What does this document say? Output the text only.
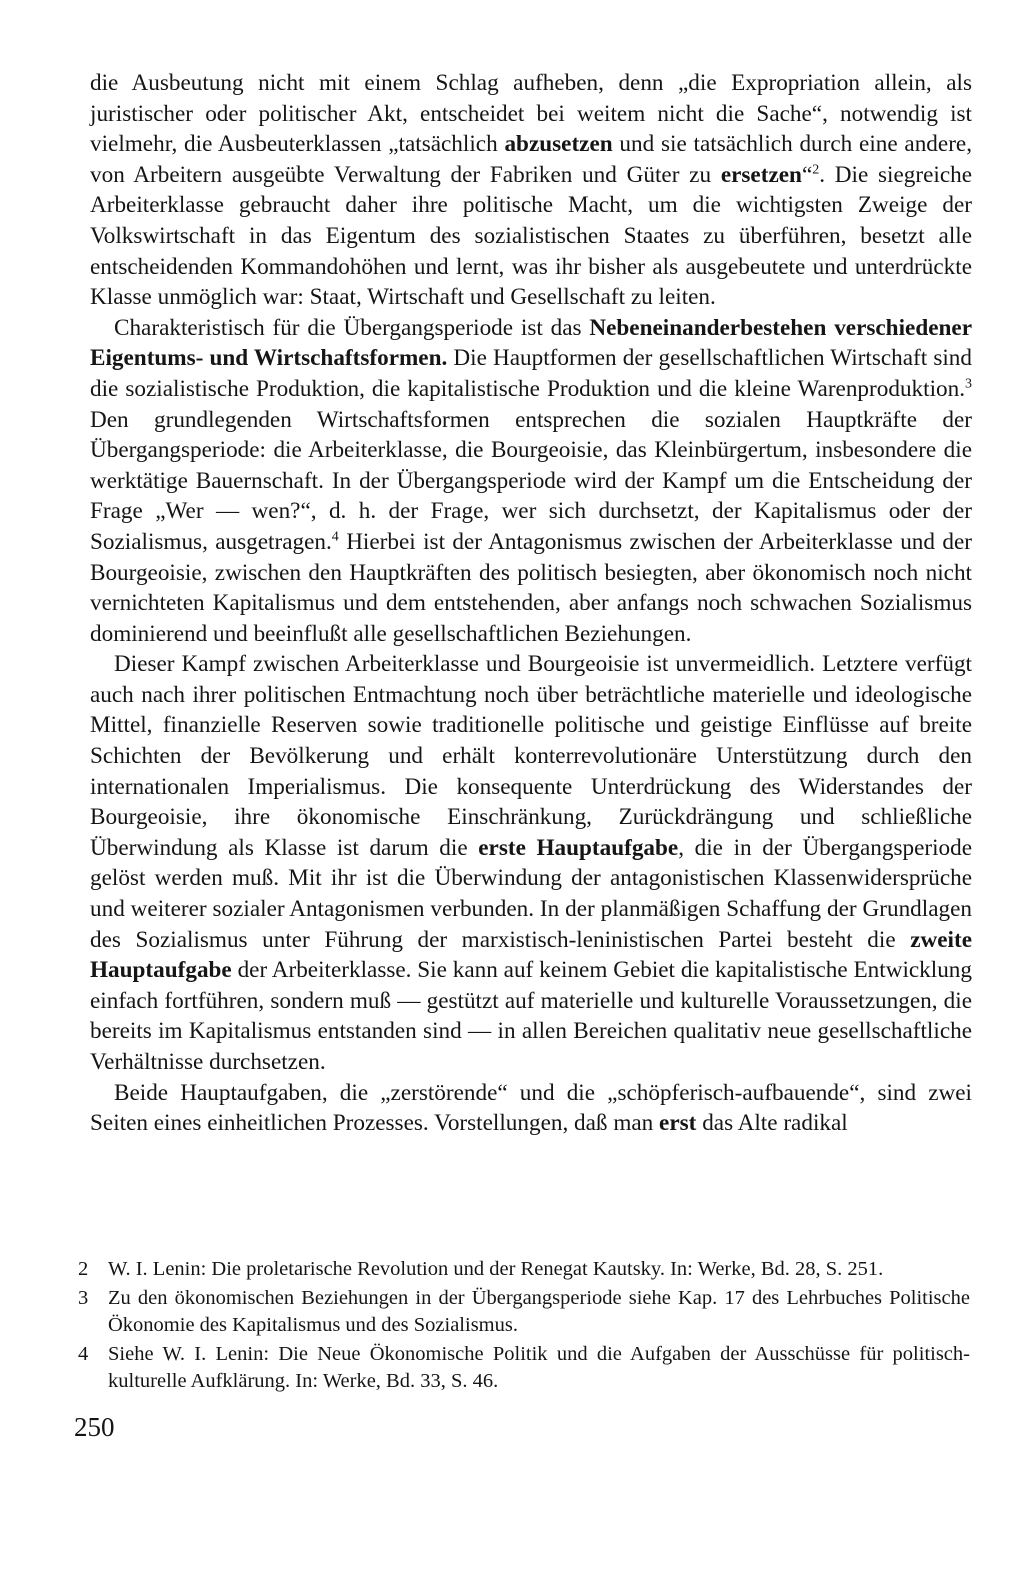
die Ausbeutung nicht mit einem Schlag aufheben, denn „die Expropriation allein, als juristischer oder politischer Akt, entscheidet bei weitem nicht die Sache“, notwendig ist vielmehr, die Ausbeuterklassen „tatsächlich abzusetzen und sie tatsächlich durch eine andere, von Arbeitern ausgeübte Verwaltung der Fabriken und Güter zu ersetzen“$^2$. Die siegreiche Arbeiterklasse gebraucht daher ihre politische Macht, um die wichtigsten Zweige der Volkswirtschaft in das Eigentum des sozialistischen Staates zu überführen, besetzt alle entscheidenden Kommandohöhen und lernt, was ihr bisher als ausgebeutete und unterdrückte Klasse unmöglich war: Staat, Wirtschaft und Gesellschaft zu leiten.

Charakteristisch für die Übergangsperiode ist das Nebeneinanderbestehen verschiedener Eigentums- und Wirtschaftsformen. Die Hauptformen der gesellschaftlichen Wirtschaft sind die sozialistische Produktion, die kapitalistische Produktion und die kleine Warenproduktion.$^3$ Den grundlegenden Wirtschaftsformen entsprechen die sozialen Hauptkräfte der Übergangsperiode: die Arbeiterklasse, die Bourgeoisie, das Kleinbürgertum, insbesondere die werktätige Bauernschaft. In der Übergangsperiode wird der Kampf um die Entscheidung der Frage „Wer — wen?“, d. h. der Frage, wer sich durchsetzt, der Kapitalismus oder der Sozialismus, ausgetragen.$^4$ Hierbei ist der Antagonismus zwischen der Arbeiterklasse und der Bourgeoisie, zwischen den Hauptkräften des politisch besiegten, aber ökonomisch noch nicht vernichteten Kapitalismus und dem entstehenden, aber anfangs noch schwachen Sozialismus dominierend und beeinflußt alle gesellschaftlichen Beziehungen.

Dieser Kampf zwischen Arbeiterklasse und Bourgeoisie ist unvermeidlich. Letztere verfügt auch nach ihrer politischen Entmachtung noch über beträchtliche materielle und ideologische Mittel, finanzielle Reserven sowie traditionelle politische und geistige Einflüsse auf breite Schichten der Bevölkerung und erhält konterrevolutionäre Unterstützung durch den internationalen Imperialismus. Die konsequente Unterdrückung des Widerstandes der Bourgeoisie, ihre ökonomische Einschränkung, Zurückdrängung und schließliche Überwindung als Klasse ist darum die erste Hauptaufgabe, die in der Übergangsperiode gelöst werden muß. Mit ihr ist die Überwindung der antagonistischen Klassenwidersprüche und weiterer sozialer Antagonismen verbunden. In der planmäßigen Schaffung der Grundlagen des Sozialismus unter Führung der marxistisch-leninistischen Partei besteht die zweite Hauptaufgabe der Arbeiterklasse. Sie kann auf keinem Gebiet die kapitalistische Entwicklung einfach fortführen, sondern muß — gestützt auf materielle und kulturelle Voraussetzungen, die bereits im Kapitalismus entstanden sind — in allen Bereichen qualitativ neue gesellschaftliche Verhältnisse durchsetzen.

Beide Hauptaufgaben, die „zerstörende“ und die „schöpferisch-aufbauende“, sind zwei Seiten eines einheitlichen Prozesses. Vorstellungen, daß man erst das Alte radikal

2 W. I. Lenin: Die proletarische Revolution und der Renegat Kautsky. In: Werke, Bd. 28, S. 251.

3 Zu den ökonomischen Beziehungen in der Übergangsperiode siehe Kap. 17 des Lehrbuches Politische Ökonomie des Kapitalismus und des Sozialismus.

4 Siehe W. I. Lenin: Die Neue Ökonomische Politik und die Aufgaben der Ausschüsse für politisch-kulturelle Aufklärung. In: Werke, Bd. 33, S. 46.

250
